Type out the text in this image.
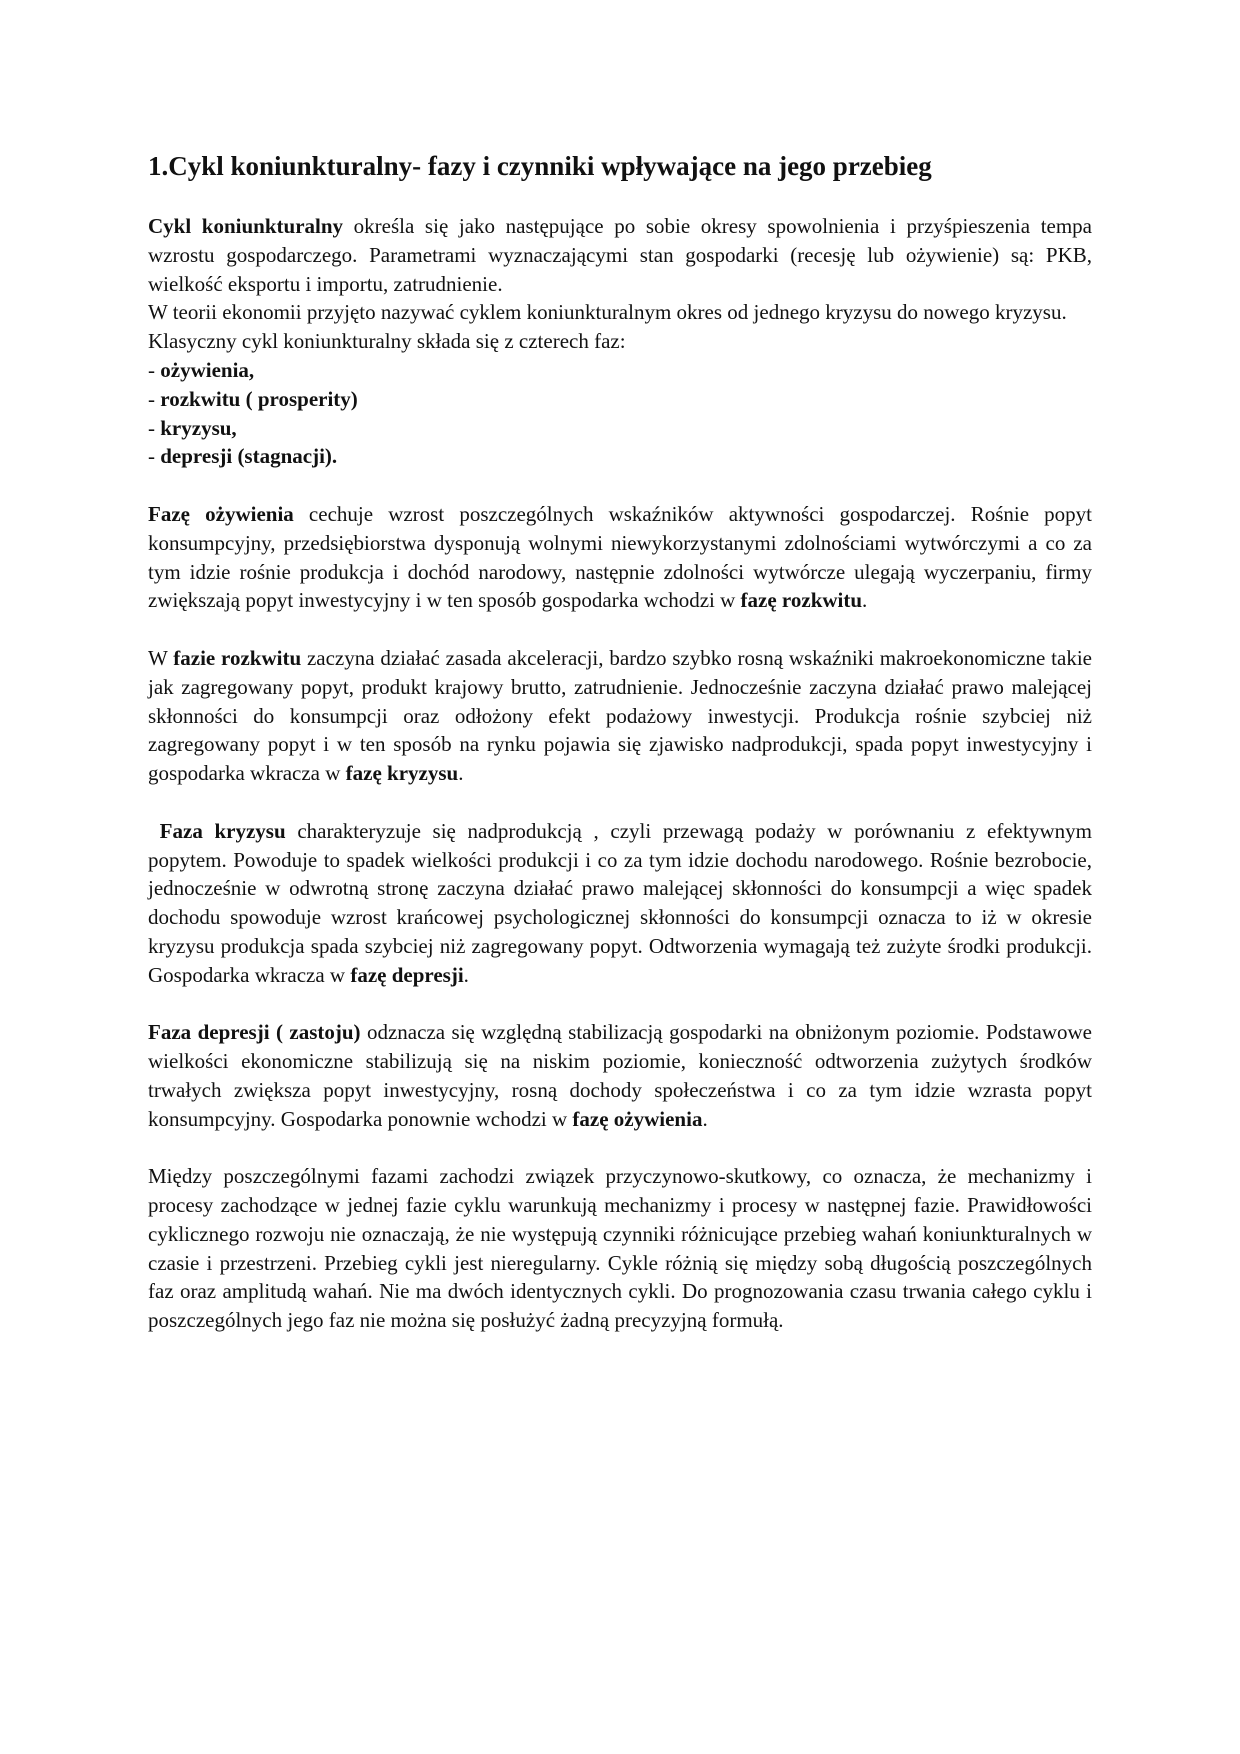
1.Cykl koniunkturalny- fazy i czynniki wpływające na jego przebieg

Cykl koniunkturalny określa się jako następujące po sobie okresy spowolnienia i przyśpieszenia tempa wzrostu gospodarczego. Parametrami wyznaczającymi stan gospodarki (recesję lub ożywienie) są: PKB, wielkość eksportu i importu, zatrudnienie.

W teorii ekonomii przyjęto nazywać cyklem koniunkturalnym okres od jednego kryzysu do nowego kryzysu.

Klasyczny cykl koniunkturalny składa się z czterech faz:

- ożywienia,
- rozkwitu ( prosperity)
- kryzysu,
- depresji (stagnacji).

Fazę ożywienia cechuje wzrost poszczególnych wskaźników aktywności gospodarczej. Rośnie popyt konsumpcyjny, przedsiębiorstwa dysponują wolnymi niewykorzystanymi zdolnościami wytwórczymi a co za tym idzie rośnie produkcja i dochód narodowy, następnie zdolności wytwórcze ulegają wyczerpaniu, firmy zwiększają popyt inwestycyjny i w ten sposób gospodarka wchodzi w fazę rozkwitu.

W fazie rozkwitu zaczyna działać zasada akceleracji, bardzo szybko rosną wskaźniki makroekonomiczne takie jak zagregowany popyt, produkt krajowy brutto, zatrudnienie. Jednocześnie zaczyna działać prawo malejącej skłonności do konsumpcji oraz odłożony efekt podażowy inwestycji. Produkcja rośnie szybciej niż zagregowany popyt i w ten sposób na rynku pojawia się zjawisko nadprodukcji, spada popyt inwestycyjny i gospodarka wkracza w fazę kryzysu.

Faza kryzysu charakteryzuje się nadprodukcją , czyli przewagą podaży w porównaniu z efektywnym popytem. Powoduje to spadek wielkości produkcji i co za tym idzie dochodu narodowego. Rośnie bezrobocie, jednocześnie w odwrotną stronę zaczyna działać prawo malejącej skłonności do konsumpcji a więc spadek dochodu spowoduje wzrost krańcowej psychologicznej skłonności do konsumpcji oznacza to iż w okresie kryzysu produkcja spada szybciej niż zagregowany popyt. Odtworzenia wymagają też zużyte środki produkcji. Gospodarka wkracza w fazę depresji.

Faza depresji ( zastoju) odznacza się względną stabilizacją gospodarki na obniżonym poziomie. Podstawowe wielkości ekonomiczne stabilizują się na niskim poziomie, konieczność odtworzenia zużytych środków trwałych zwiększa popyt inwestycyjny, rosną dochody społeczeństwa i co za tym idzie wzrasta popyt konsumpcyjny. Gospodarka ponownie wchodzi w fazę ożywienia.

Między poszczególnymi fazami zachodzi związek przyczynowo-skutkowy, co oznacza, że mechanizmy i procesy zachodzące w jednej fazie cyklu warunkują mechanizmy i procesy w następnej fazie. Prawidłowości cyklicznego rozwoju nie oznaczają, że nie występują czynniki różnicujące przebieg wahań koniunkturalnych w czasie i przestrzeni. Przebieg cykli jest nieregularny. Cykle różnią się między sobą długością poszczególnych faz oraz amplitudą wahań. Nie ma dwóch identycznych cykli. Do prognozowania czasu trwania całego cyklu i poszczególnych jego faz nie można się posłużyć żadną precyzyjną formułą.
